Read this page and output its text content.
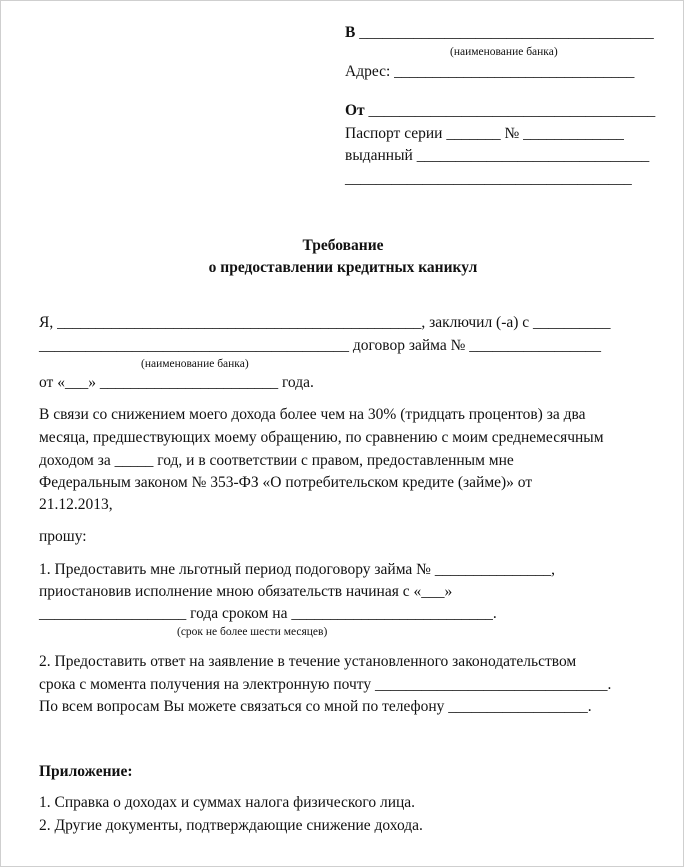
В ______________________________________
(наименование банка)
Адрес: _______________________________
От _____________________________________
Паспорт серии _______ № _____________
выданный ______________________________
_____________________________________
Требование
о предоставлении кредитных каникул
Я, _______________________________________________, заключил (-а) с __________
________________________________________ договор займа № _________________
(наименование банка)
от «___» _______________________ года.
В связи со снижением моего дохода более чем на 30% (тридцать процентов) за два
месяца, предшествующих моему обращению, по сравнению с моим среднемесячным
доходом за _____ год, и в соответствии с правом, предоставленным мне
Федеральным законом № 353-ФЗ «О потребительском кредите (займе)» от
21.12.2013,
прошу:
1. Предоставить мне льготный период подоговору займа № _______________,
приостановив исполнение мною обязательств начиная с «___»
___________________ года сроком на __________________________.
(срок не более шести месяцев)
2. Предоставить ответ на заявление в течение установленного законодательством
срока с момента получения на электронную почту ______________________________.
По всем вопросам Вы можете связаться со мной по телефону __________________.
Приложение:
1. Справка о доходах и суммах налога физического лица.
2. Другие документы, подтверждающие снижение дохода.
